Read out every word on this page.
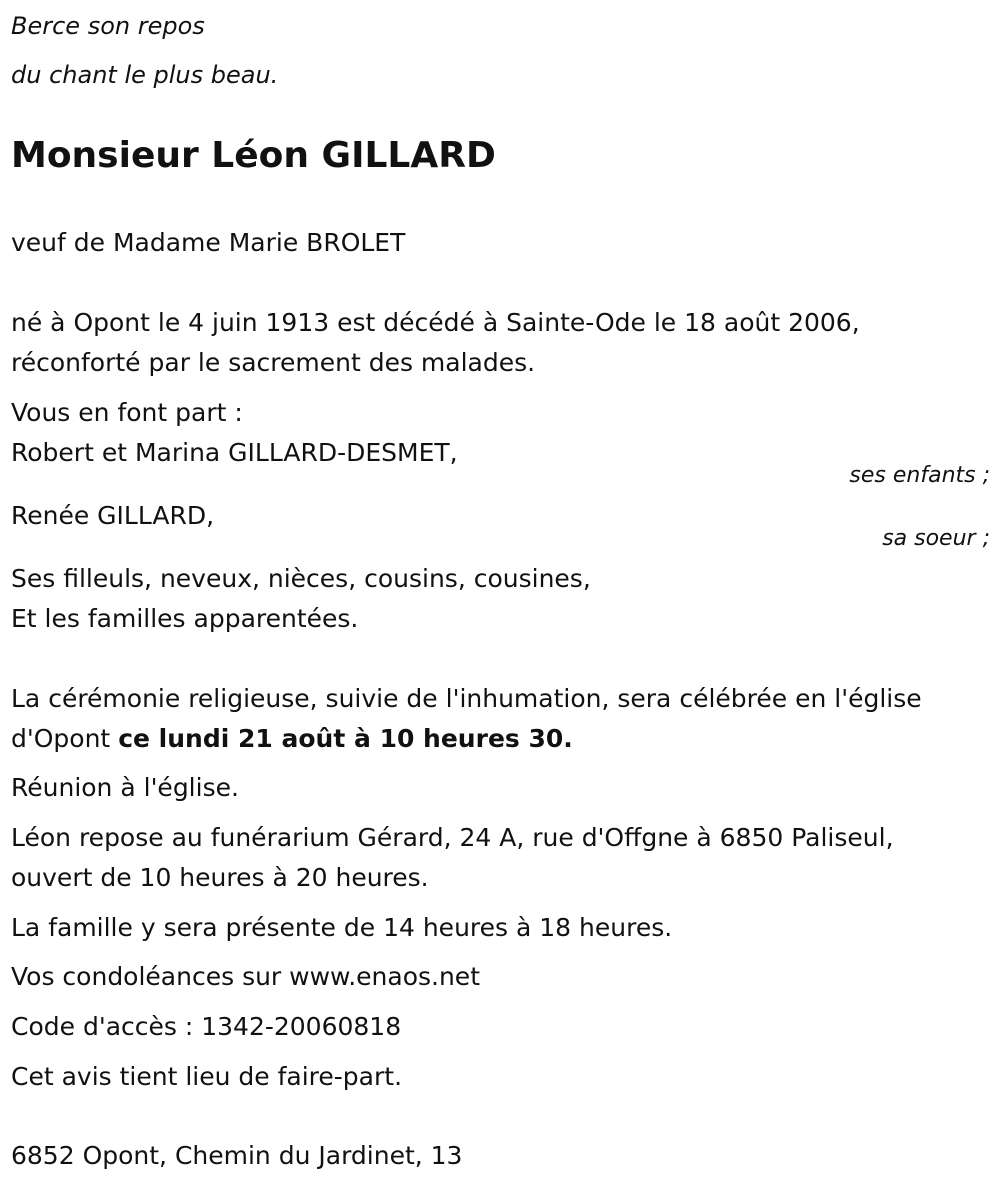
Berce son repos

du chant le plus beau.

Monsieur Léon GILLARD

veuf de Madame Marie BROLET

né à Opont le 4 juin 1913 est décédé à Sainte-Ode le 18 août 2006,

réconforté par le sacrement des malades.

Vous en font part :

Robert et Marina GILLARD-DESMET,

ses enfants ;

Renée GILLARD,

sa soeur ;

Ses filleuls, neveux, nièces, cousins, cousines,

Et les familles apparentées.

La cérémonie religieuse, suivie de l'inhumation, sera célébrée en l'église

d'Opont ce lundi 21 août à 10 heures 30.

Réunion à l'église.

Léon repose au funérarium Gérard, 24 A, rue d'Offgne à 6850 Paliseul,

ouvert de 10 heures à 20 heures.

La famille y sera présente de 14 heures à 18 heures.

Vos condoléances sur www.enaos.net

Code d'accès : 1342-20060818

Cet avis tient lieu de faire-part.

6852 Opont, Chemin du Jardinet, 13
